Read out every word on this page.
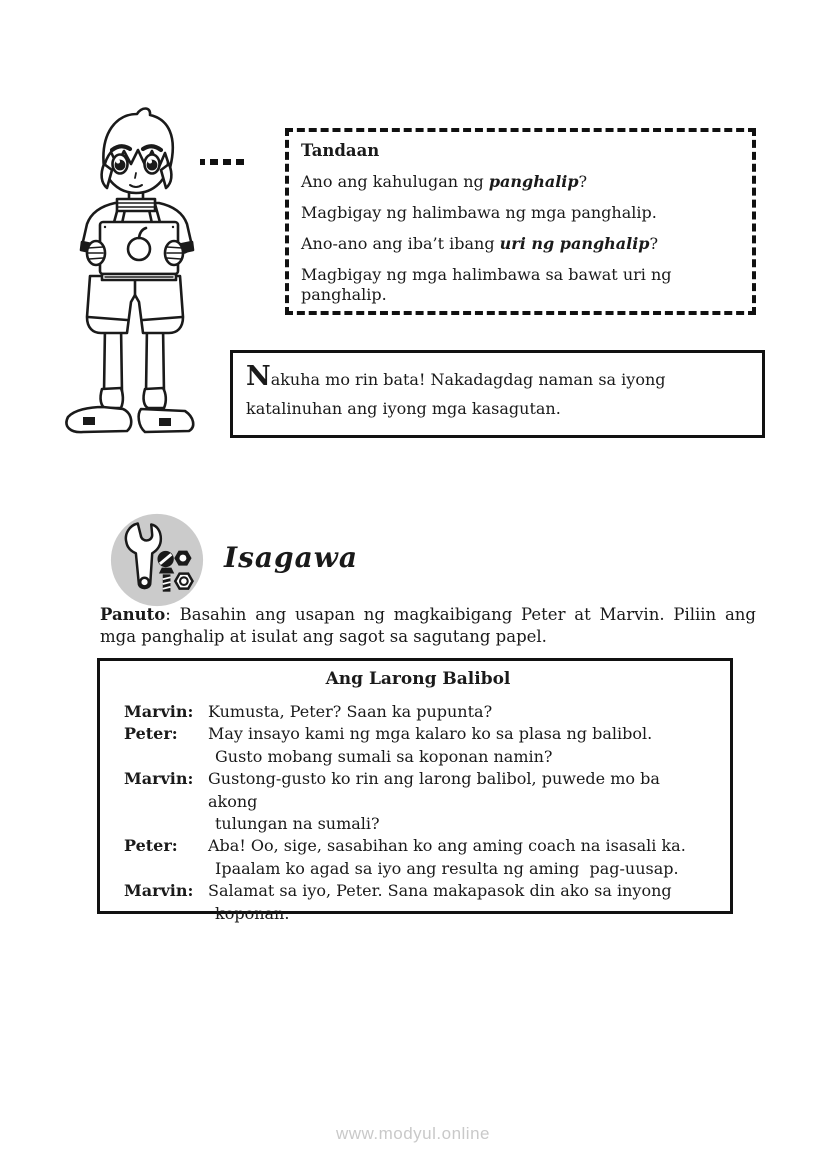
Tandaan
Ano ang kahulugan ng panghalip?
Magbigay ng halimbawa ng mga panghalip.
Ano-ano ang iba’t ibang uri ng panghalip?
Magbigay ng mga halimbawa sa bawat uri ng panghalip.
Nakuha mo rin bata! Nakadagdag naman sa iyong katalinuhan ang iyong mga kasagutan.
Isagawa

Panuto: Basahin ang usapan ng magkaibigang Peter at Marvin. Piliin ang mga panghalip at isulat ang sagot sa sagutang papel.

Ang Larong Balibol
Marvin: Kumusta, Peter? Saan ka pupunta?
Peter:	May insayo kami ng mga kalaro ko sa plasa ng balibol.
Gusto mobang sumali sa koponan namin?
Marvin: Gustong-gusto ko rin ang larong balibol, puwede mo ba akong
tulungan na sumali?
Peter:	Aba! Oo, sige, sasabihan ko ang aming coach na isasali ka.
Ipaalam ko agad sa iyo ang resulta ng aming  pag-uusap.
Marvin: Salamat sa iyo, Peter. Sana makapasok din ako sa inyong
koponan.
www.modyul.online
